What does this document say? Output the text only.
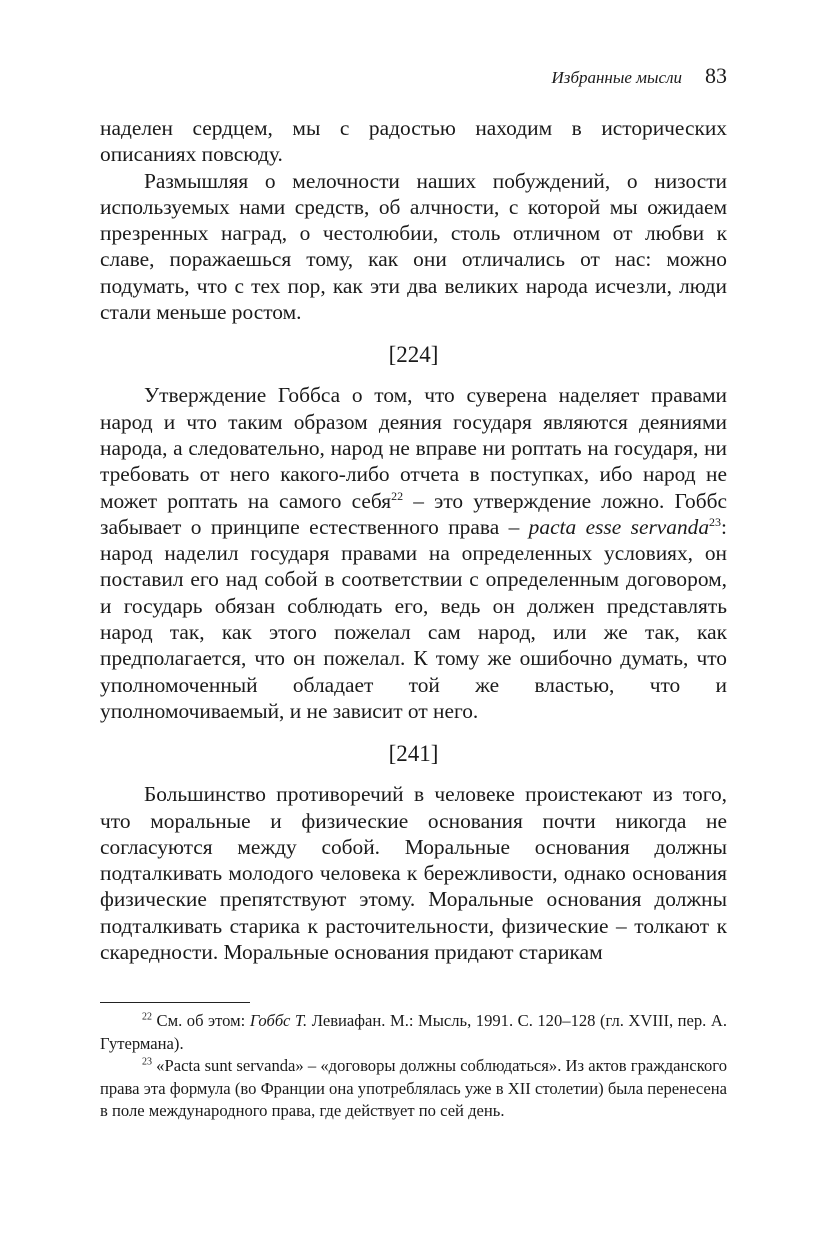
Избранные мысли 83

наделен сердцем, мы с радостью находим в исторических описаниях повсюду.

Размышляя о мелочности наших побуждений, о низости используемых нами средств, об алчности, с которой мы ожидаем презренных наград, о честолюбии, столь отличном от любви к славе, поражаешься тому, как они отличались от нас: можно подумать, что с тех пор, как эти два великих народа исчезли, люди стали меньше ростом.

[224]

Утверждение Гоббса о том, что суверена наделяет правами народ и что таким образом деяния государя являются деяниями народа, а следовательно, народ не вправе ни роптать на государя, ни требовать от него какого-либо отчета в поступках, ибо народ не может роптать на самого себя$^{22}$ – это утверждение ложно. Гоббс забывает о принципе естественного права – pacta esse servanda$^{23}$: народ наделил государя правами на определенных условиях, он поставил его над собой в соответствии с определенным договором, и государь обязан соблюдать его, ведь он должен представлять народ так, как этого пожелал сам народ, или же так, как предполагается, что он пожелал. К тому же ошибочно думать, что уполномоченный обладает той же властью, что и уполномочиваемый, и не зависит от него.

[241]

Большинство противоречий в человеке проистекают из того, что моральные и физические основания почти никогда не согласуются между собой. Моральные основания должны подталкивать молодого человека к бережливости, однако основания физические препятствуют этому. Моральные основания должны подталкивать старика к расточительности, физические – толкают к скаредности. Моральные основания придают старикам

$^{22}$ См. об этом: Гоббс Т. Левиафан. М.: Мысль, 1991. С. 120–128 (гл. XVIII, пер. А. Гутермана).

$^{23}$ «Pacta sunt servanda» – «договоры должны соблюдаться». Из актов гражданского права эта формула (во Франции она употреблялась уже в XII столетии) была перенесена в поле международного права, где действует по сей день.
